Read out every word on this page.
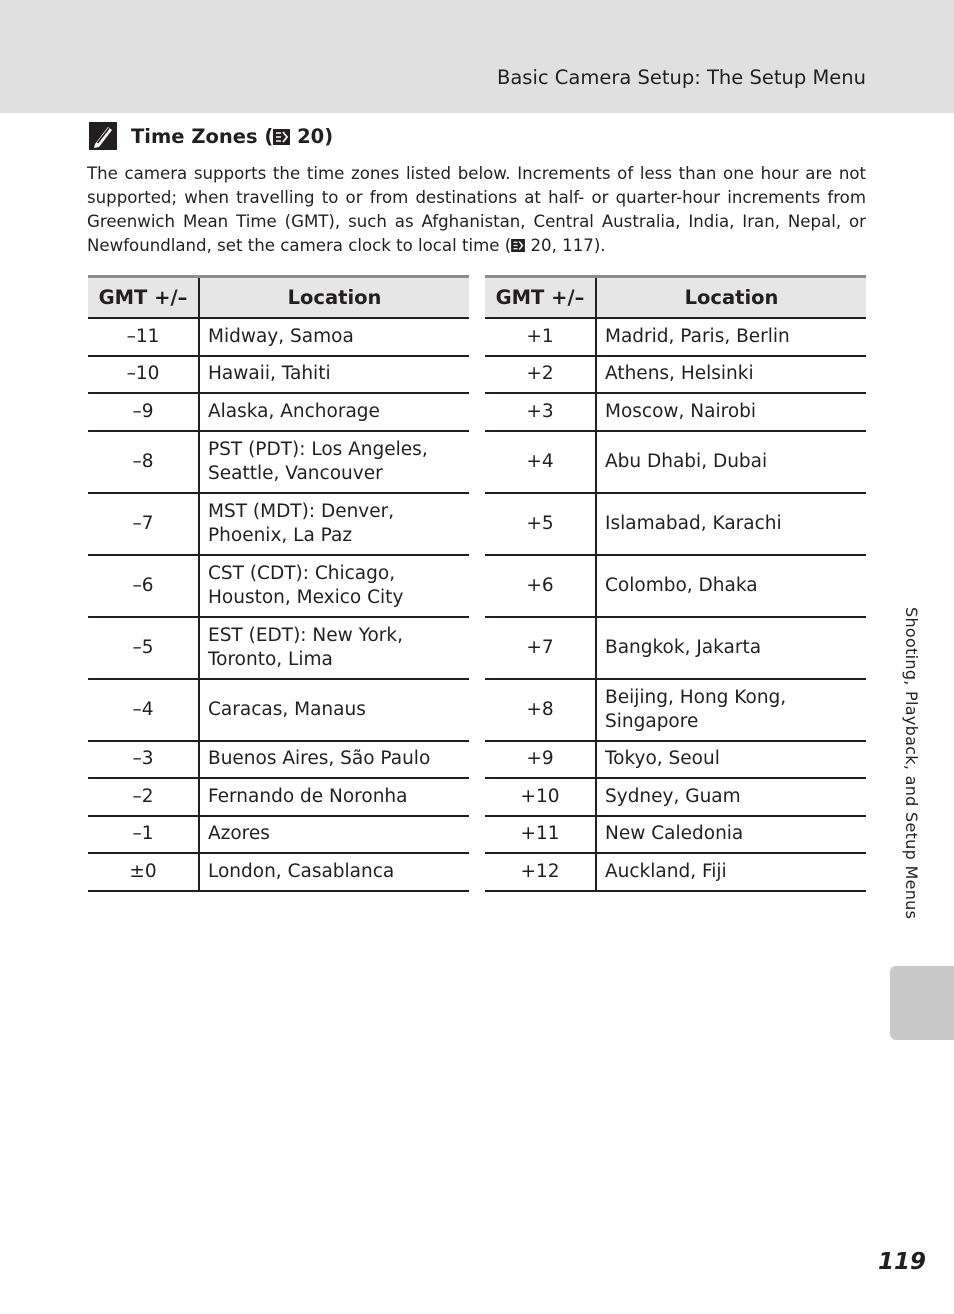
Basic Camera Setup: The Setup Menu
Time Zones ( 20)

The camera supports the time zones listed below. Increments of less than one hour are not supported; when travelling to or from destinations at half- or quarter-hour increments from Greenwich Mean Time (GMT), such as Afghanistan, Central Australia, India, Iran, Nepal, or Newfoundland, set the camera clock to local time ( 20, 117).

GMT +/–	Location
–11	Midway, Samoa
–10	Hawaii, Tahiti
–9	Alaska, Anchorage
–8	PST (PDT): Los Angeles, Seattle, Vancouver
–7	MST (MDT): Denver, Phoenix, La Paz
–6	CST (CDT): Chicago, Houston, Mexico City
–5	EST (EDT): New York, Toronto, Lima
–4	Caracas, Manaus
–3	Buenos Aires, São Paulo
–2	Fernando de Noronha
–1	Azores
±0	London, Casablanca
GMT +/–	Location
+1	Madrid, Paris, Berlin
+2	Athens, Helsinki
+3	Moscow, Nairobi
+4	Abu Dhabi, Dubai
+5	Islamabad, Karachi
+6	Colombo, Dhaka
+7	Bangkok, Jakarta
+8	Beijing, Hong Kong, Singapore
+9	Tokyo, Seoul
+10	Sydney, Guam
+11	New Caledonia
+12	Auckland, Fiji	Shooting, Playback, and Setup Menus
119
